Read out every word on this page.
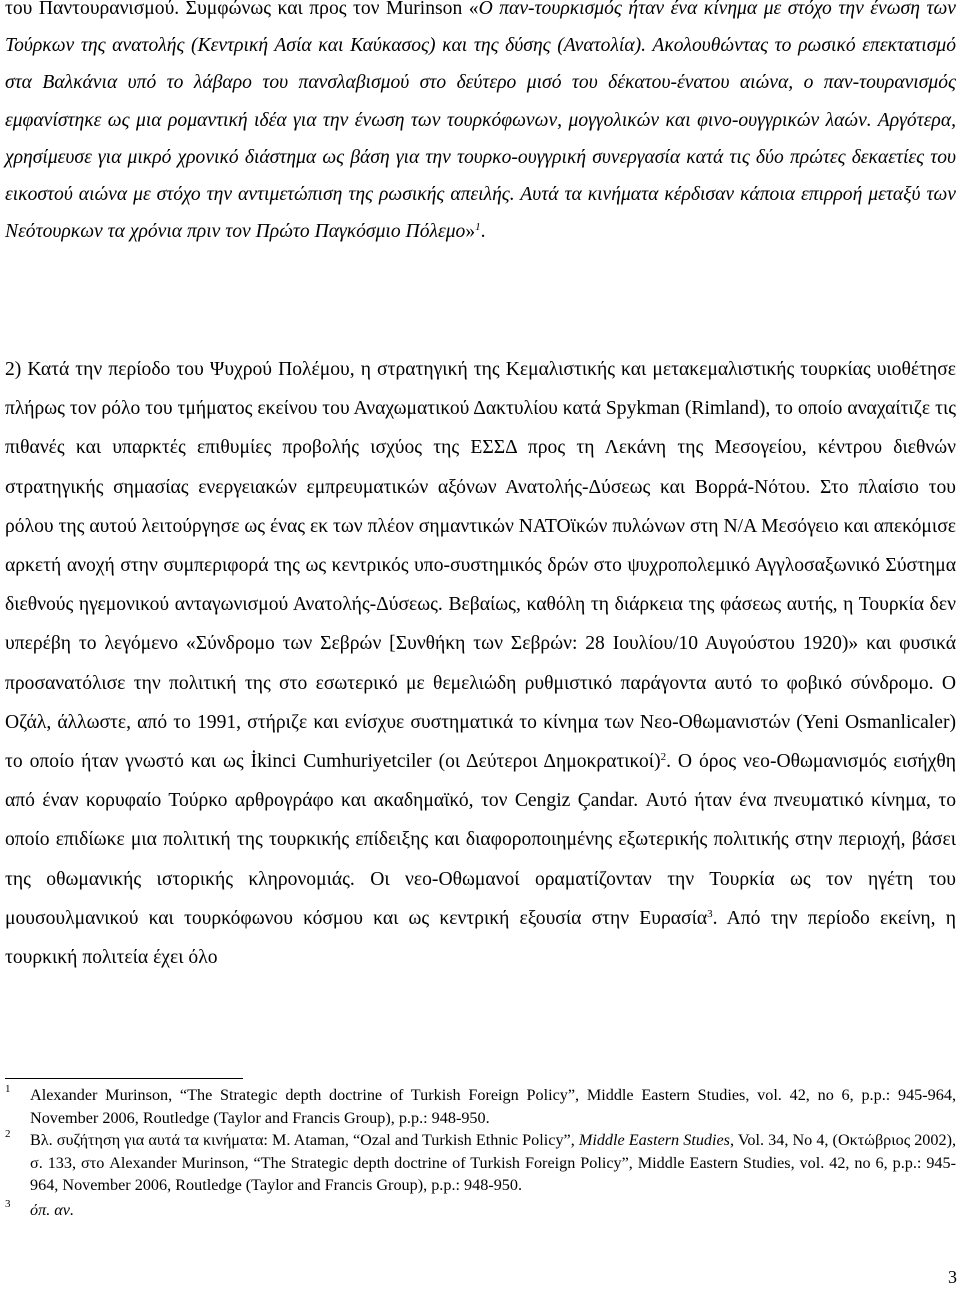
του Παντουρανισμού. Συμφώνως και προς τον Murinson «Ο παν-τουρκισμός ήταν ένα κίνημα με στόχο την ένωση των Τούρκων της ανατολής (Κεντρική Ασία και Καύκασος) και της δύσης (Ανατολία). Ακολουθώντας το ρωσικό επεκτατισμό στα Βαλκάνια υπό το λάβαρο του πανσλαβισμού στο δεύτερο μισό του δέκατου-ένατου αιώνα, ο παν-τουρανισμός εμφανίστηκε ως μια ρομαντική ιδέα για την ένωση των τουρκόφωνων, μογγολικών και φινο-ουγγρικών λαών. Αργότερα, χρησίμευσε για μικρό χρονικό διάστημα ως βάση για την τουρκο-ουγγρική συνεργασία κατά τις δύο πρώτες δεκαετίες του εικοστού αιώνα με στόχο την αντιμετώπιση της ρωσικής απειλής. Αυτά τα κινήματα κέρδισαν κάποια επιρροή μεταξύ των Νεότουρκων τα χρόνια πριν τον Πρώτο Παγκόσμιο Πόλεμο»$^1$.

2) Κατά την περίοδο του Ψυχρού Πολέμου, η στρατηγική της Κεμαλιστικής και μετακεμαλιστικής τουρκίας υιοθέτησε πλήρως τον ρόλο του τμήματος εκείνου του Αναχωματικού Δακτυλίου κατά Spykman (Rimland), το οποίο αναχαίτιζε τις πιθανές και υπαρκτές επιθυμίες προβολής ισχύος της ΕΣΣΔ προς τη Λεκάνη της Μεσογείου, κέντρου διεθνών στρατηγικής σημασίας ενεργειακών εμπρευματικών αξόνων Ανατολής-Δύσεως και Βορρά-Νότου. Στο πλαίσιο του ρόλου της αυτού λειτούργησε ως ένας εκ των πλέον σημαντικών ΝΑΤΟϊκών πυλώνων στη Ν/Α Μεσόγειο και απεκόμισε αρκετή ανοχή στην συμπεριφορά της ως κεντρικός υπο-συστημικός δρών στο ψυχροπολεμικό Αγγλοσαξωνικό Σύστημα διεθνούς ηγεμονικού ανταγωνισμού Ανατολής-Δύσεως. Βεβαίως, καθόλη τη διάρκεια της φάσεως αυτής, η Τουρκία δεν υπερέβη το λεγόμενο «Σύνδρομο των Σεβρών [Συνθήκη των Σεβρών: 28 Ιουλίου/10 Αυγούστου 1920)» και φυσικά προσανατόλισε την πολιτική της στο εσωτερικό με θεμελιώδη ρυθμιστικό παράγοντα αυτό το φοβικό σύνδρομο. Ο Οζάλ, άλλωστε, από το 1991, στήριζε και ενίσχυε συστηματικά το κίνημα των Νεο-Οθωμανιστών (Yeni Osmanlicaler) το οποίο ήταν γνωστό και ως İkinci Cumhuriyetciler (οι Δεύτεροι Δημοκρατικοί)$^2$. Ο όρος νεο-Οθωμανισμός εισήχθη από έναν κορυφαίο Τούρκο αρθρογράφο και ακαδημαϊκό, τον Cengiz Çandar. Αυτό ήταν ένα πνευματικό κίνημα, το οποίο επιδίωκε μια πολιτική της τουρκικής επίδειξης και διαφοροποιημένης εξωτερικής πολιτικής στην περιοχή, βάσει της οθωμανικής ιστορικής κληρονομιάς. Οι νεο-Οθωμανοί οραματίζονταν την Τουρκία ως τον ηγέτη του μουσουλμανικού και τουρκόφωνου κόσμου και ως κεντρική εξουσία στην Ευρασία$^3$. Από την περίοδο εκείνη, η τουρκική πολιτεία έχει όλο

1 Alexander Murinson, “The Strategic depth doctrine of Turkish Foreign Policy”, Middle Eastern Studies, vol. 42, no 6, p.p.: 945-964, November 2006, Routledge (Taylor and Francis Group), p.p.: 948-950.

2 Βλ. συζήτηση για αυτά τα κινήματα: M. Ataman, “Ozal and Turkish Ethnic Policy”, Middle Eastern Studies, Vol. 34, No 4, (Οκτώβριος 2002), σ. 133, στο Alexander Murinson, “The Strategic depth doctrine of Turkish Foreign Policy”, Middle Eastern Studies, vol. 42, no 6, p.p.: 945-964, November 2006, Routledge (Taylor and Francis Group), p.p.: 948-950.

3 όπ. αν.

3
